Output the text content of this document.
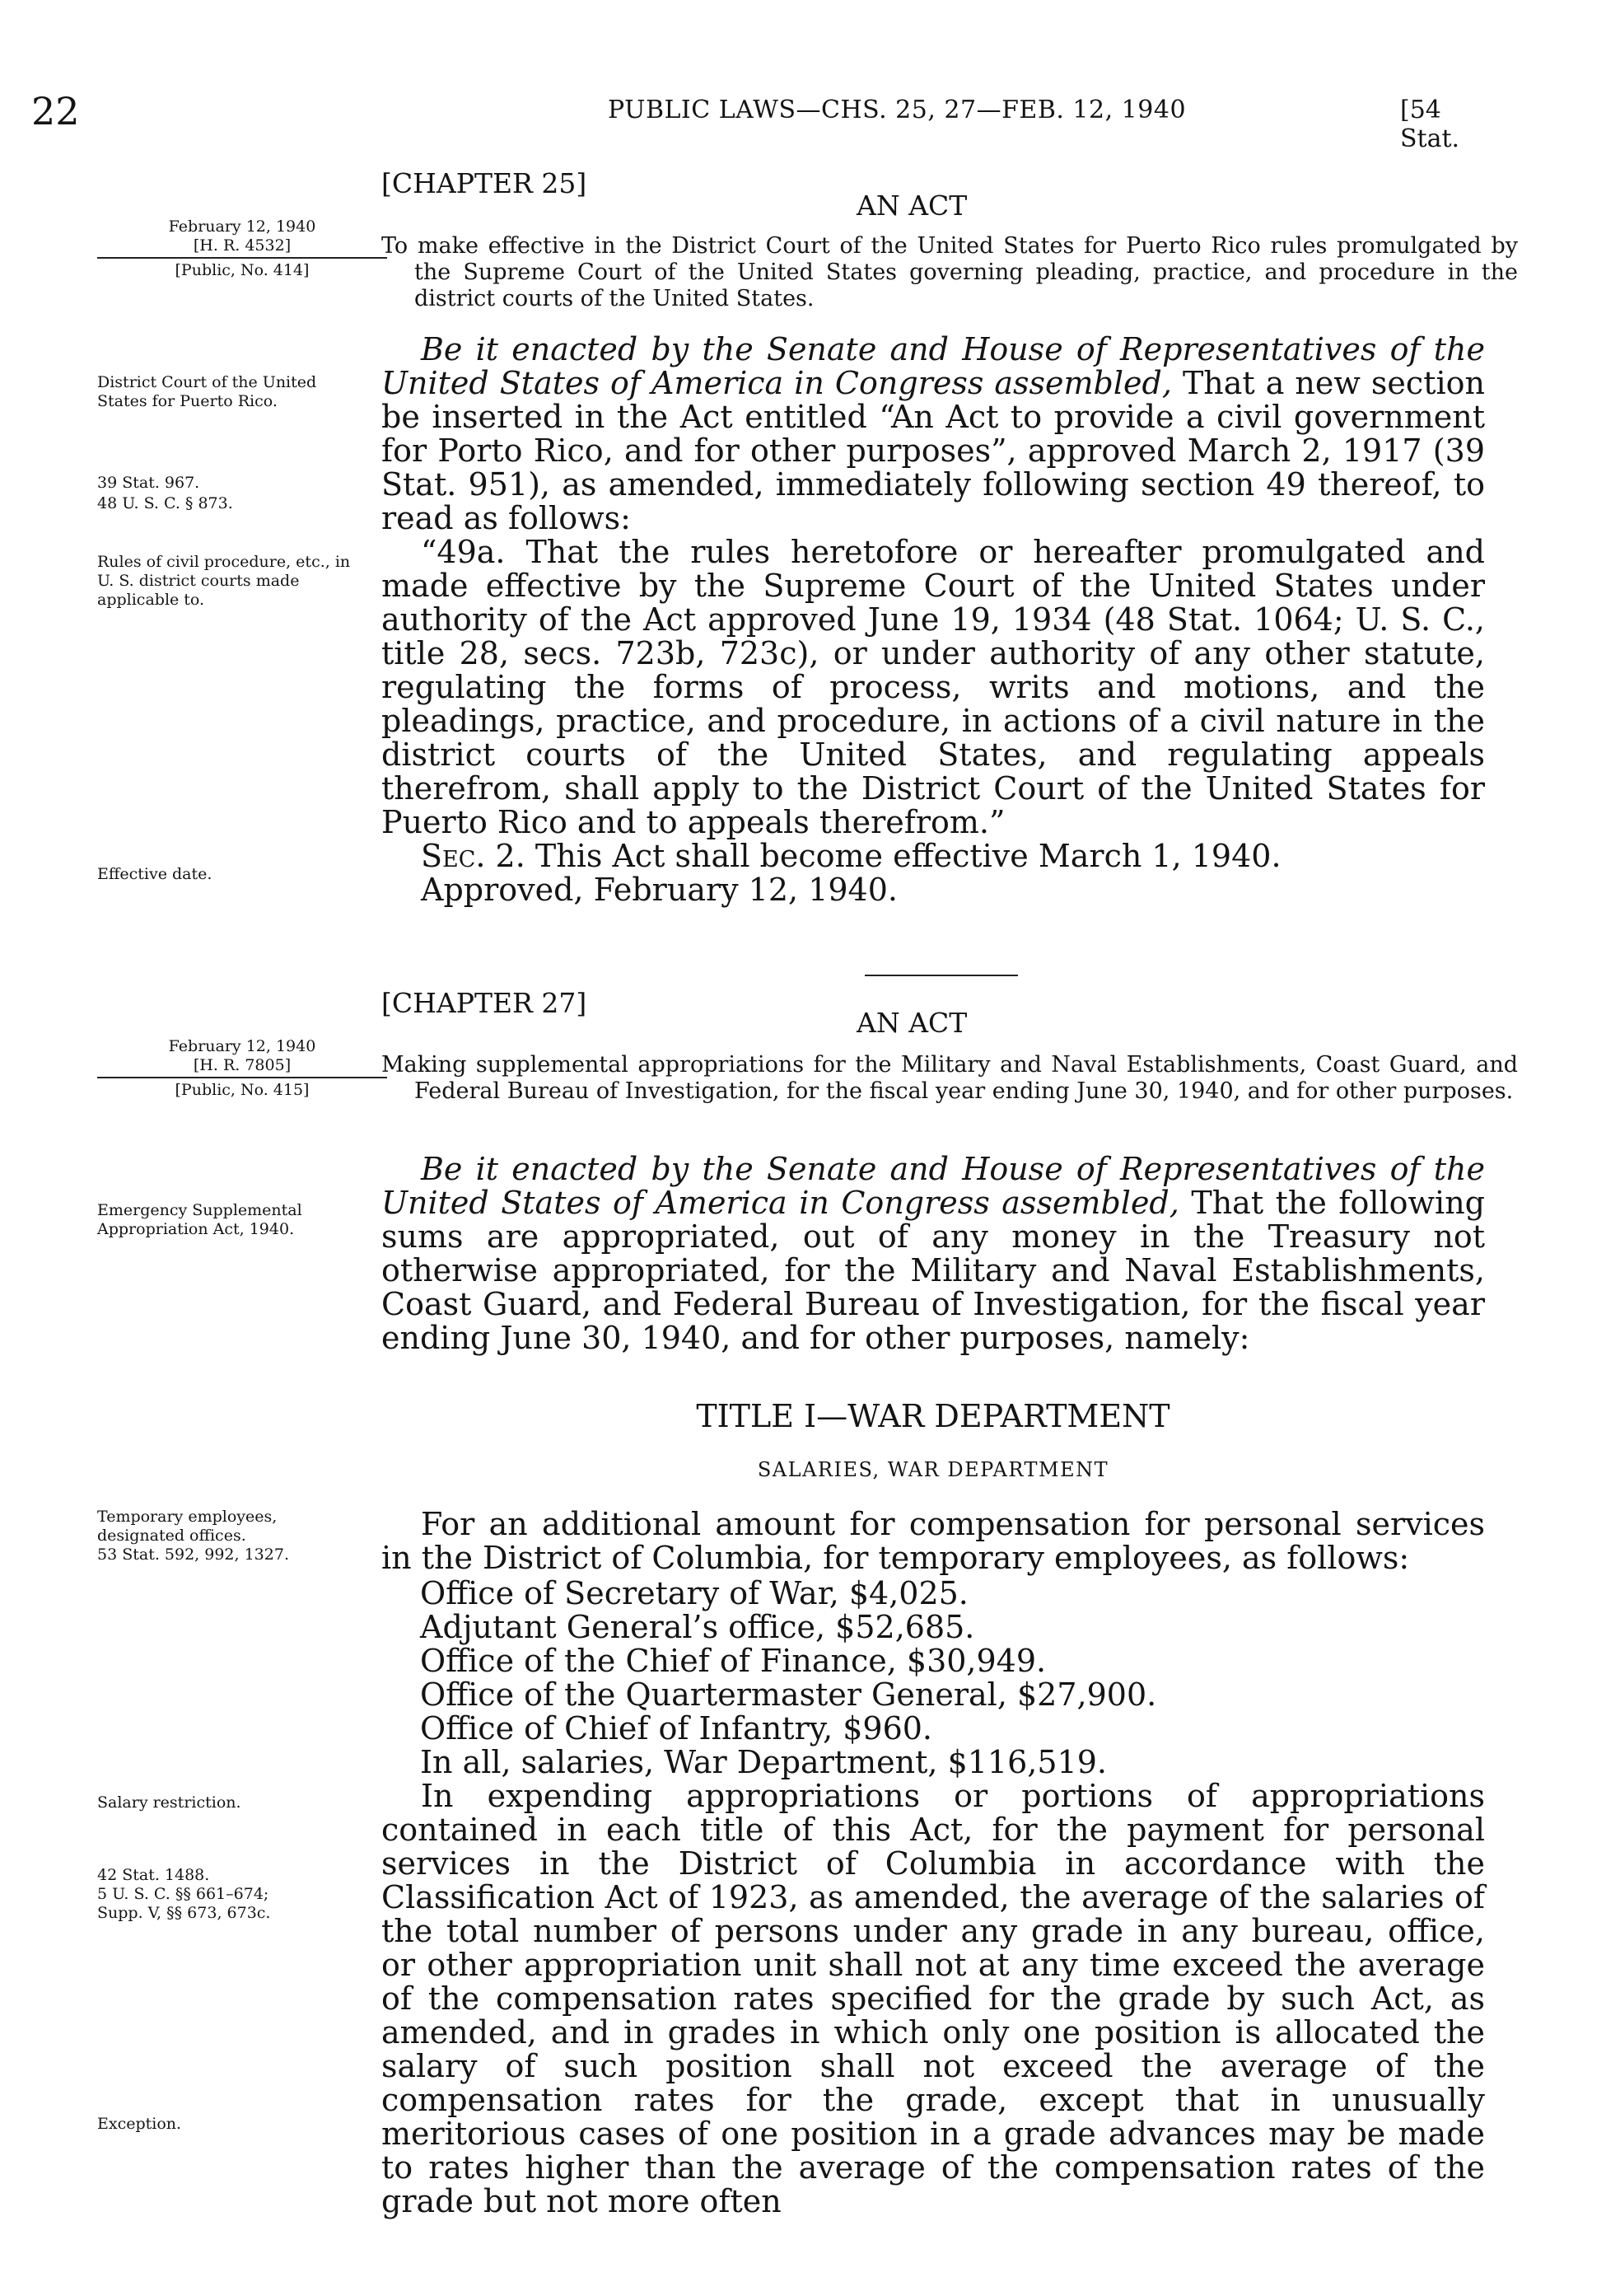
22	PUBLIC LAWS—CHS. 25, 27—FEB. 12, 1940	[54 Stat.
[CHAPTER 25]
AN ACT
February 12, 1940
[H. R. 4532]
[Public, No. 414]
To make effective in the District Court of the United States for Puerto Rico rules promulgated by the Supreme Court of the United States governing pleading, practice, and procedure in the district courts of the United States.
District Court of the United States for Puerto Rico.
39 Stat. 967.
48 U. S. C. § 873.
Rules of civil procedure, etc., in U. S. district courts made applicable to.
Effective date.

Be it enacted by the Senate and House of Representatives of the United States of America in Congress assembled, That a new section be inserted in the Act entitled “An Act to provide a civil government for Porto Rico, and for other purposes”, approved March 2, 1917 (39 Stat. 951), as amended, immediately following section 49 thereof, to read as follows:

“49a. That the rules heretofore or hereafter promulgated and made effective by the Supreme Court of the United States under authority of the Act approved June 19, 1934 (48 Stat. 1064; U. S. C., title 28, secs. 723b, 723c), or under authority of any other statute, regulating the forms of process, writs and motions, and the pleadings, practice, and procedure, in actions of a civil nature in the district courts of the United States, and regulating appeals therefrom, shall apply to the District Court of the United States for Puerto Rico and to appeals therefrom.”

Sec. 2. This Act shall become effective March 1, 1940.

Approved, February 12, 1940.

[CHAPTER 27]
AN ACT
February 12, 1940
[H. R. 7805]
[Public, No. 415]
Making supplemental appropriations for the Military and Naval Establishments, Coast Guard, and Federal Bureau of Investigation, for the fiscal year ending June 30, 1940, and for other purposes.
Emergency Supplemental Appropriation Act, 1940.

Be it enacted by the Senate and House of Representatives of the United States of America in Congress assembled, That the following sums are appropriated, out of any money in the Treasury not otherwise appropriated, for the Military and Naval Establishments, Coast Guard, and Federal Bureau of Investigation, for the fiscal year ending June 30, 1940, and for other purposes, namely:

TITLE I—WAR DEPARTMENT
SALARIES, WAR DEPARTMENT
Temporary employees, designated offices.
53 Stat. 592, 992, 1327.

For an additional amount for compensation for personal services in the District of Columbia, for temporary employees, as follows:

Office of Secretary of War, $4,025.
Adjutant General’s office, $52,685.
Office of the Chief of Finance, $30,949.
Office of the Quartermaster General, $27,900.
Office of Chief of Infantry, $960.
In all, salaries, War Department, $116,519.
Salary restriction.
42 Stat. 1488.
5 U. S. C. §§ 661–674;
Supp. V, §§ 673, 673c.
Exception.

In expending appropriations or portions of appropriations contained in each title of this Act, for the payment for personal services in the District of Columbia in accordance with the Classification Act of 1923, as amended, the average of the salaries of the total number of persons under any grade in any bureau, office, or other appropriation unit shall not at any time exceed the average of the compensation rates specified for the grade by such Act, as amended, and in grades in which only one position is allocated the salary of such position shall not exceed the average of the compensation rates for the grade, except that in unusually meritorious cases of one position in a grade advances may be made to rates higher than the average of the compensation rates of the grade but not more often
